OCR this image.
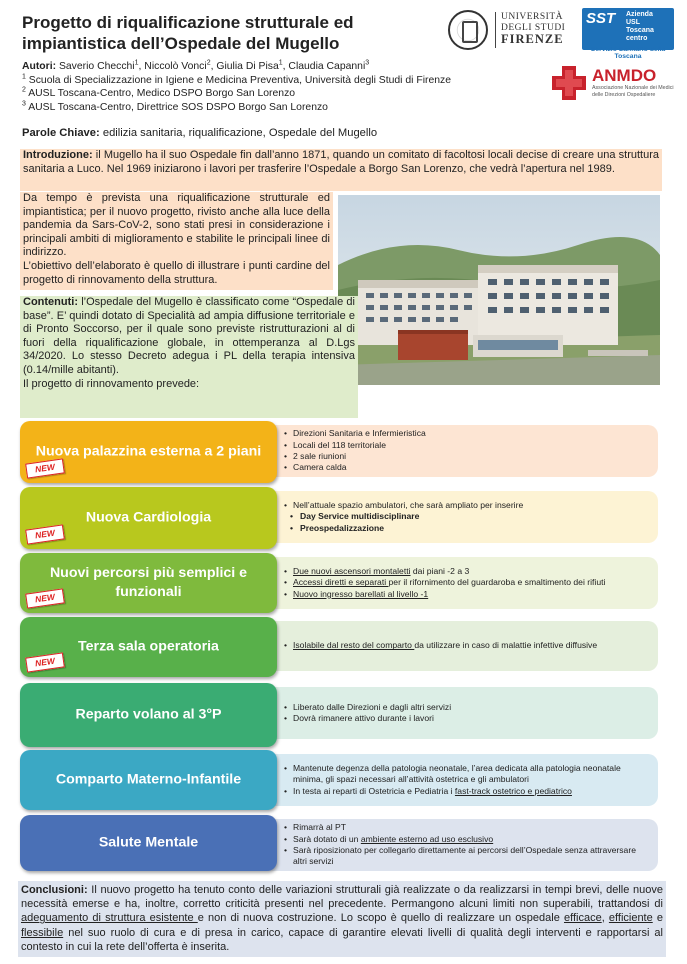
Progetto di riqualificazione strutturale ed impiantistica dell’Ospedale del Mugello
Autori: Saverio Checchi$^1$, Niccolò Vonci$^2$, Giulia Di Pisa$^1$, Claudia Capanni$^3$
$^1$ Scuola di Specializzazione in Igiene e Medicina Preventiva, Università degli Studi di Firenze
$^2$ AUSL Toscana-Centro, Medico DSPO Borgo San Lorenzo
$^3$ AUSL Toscana-Centro, Direttrice SOS DSPO Borgo San Lorenzo
Parole Chiave: edilizia sanitaria, riqualificazione, Ospedale del Mugello
UNIVERSITÀ
DEGLI STUDI
FIRENZE
SST Azienda
USL
Toscana
centro
Servizio Sanitario della Toscana
ANMDO
Associazione Nazionale dei Medici delle Direzioni Ospedaliere
Introduzione: il Mugello ha il suo Ospedale fin dall’anno 1871, quando un comitato di facoltosi locali decise di creare una struttura sanitaria a Luco. Nel 1969 iniziarono i lavori per trasferire l’Ospedale a Borgo San Lorenzo, che vedrà l’apertura nel 1989.
Da tempo è prevista una riqualificazione strutturale ed impiantistica; per il nuovo progetto, rivisto anche alla luce della pandemia da Sars-CoV-2, sono stati presi in considerazione i principali ambiti di miglioramento e stabilite le principali linee di indirizzo.
L’obiettivo dell’elaborato è quello di illustrare i punti cardine del progetto di rinnovamento della struttura.
Contenuti: l’Ospedale del Mugello è classificato come “Ospedale di base”. E’ quindi dotato di Specialità ad ampia diffusione territoriale e di Pronto Soccorso, per il quale sono previste ristrutturazioni al di fuori della riqualificazione globale, in ottemperanza al D.Lgs 34/2020. Lo stesso Decreto adegua i PL della terapia intensiva (0.14/mille abitanti).
Il progetto di rinnovamento prevede:
• Direzioni Sanitaria e Infermieristica
• Locali del 118 territoriale
• 2 sale riunioni
• Camera calda
Nuova palazzina esterna a 2 piani
NEW
• Nell’attuale spazio ambulatori, che sarà ampliato per inserire
• Day Service multidisciplinare
• Preospedalizzazione
Nuova Cardiologia
NEW
• Due nuovi ascensori montaletti dai piani -2 a 3
• Accessi diretti e separati per il rifornimento del guardaroba e smaltimento dei rifiuti
• Nuovo ingresso barellati al livello -1
Nuovi percorsi più semplici e funzionali
NEW
• Isolabile dal resto del comparto da utilizzare in caso di malattie infettive diffusive
Terza sala operatoria
NEW
• Liberato dalle Direzioni e dagli altri servizi
• Dovrà rimanere attivo durante i lavori
Reparto volano al 3°P
• Mantenute degenza della patologia neonatale, l’area dedicata alla patologia neonatale minima, gli spazi necessari all’attività ostetrica e gli ambulatori
• In testa ai reparti di Ostetricia e Pediatria i fast-track ostetrico e pediatrico
Comparto Materno-Infantile
• Rimarrà al PT
• Sarà dotato di un ambiente esterno ad uso esclusivo
• Sarà riposizionato per collegarlo direttamente ai percorsi dell’Ospedale senza attraversare altri servizi
Salute Mentale
Conclusioni: Il nuovo progetto ha tenuto conto delle variazioni strutturali già realizzate o da realizzarsi in tempi brevi, delle nuove necessità emerse e ha, inoltre, corretto criticità presenti nel precedente. Permangono alcuni limiti non superabili, trattandosi di adeguamento di struttura esistente e non di nuova costruzione. Lo scopo è quello di realizzare un ospedale efficace, efficiente e flessibile nel suo ruolo di cura e di presa in carico, capace di garantire elevati livelli di qualità degli interventi e rapportarsi al contesto in cui la rete dell’offerta è inserita.
